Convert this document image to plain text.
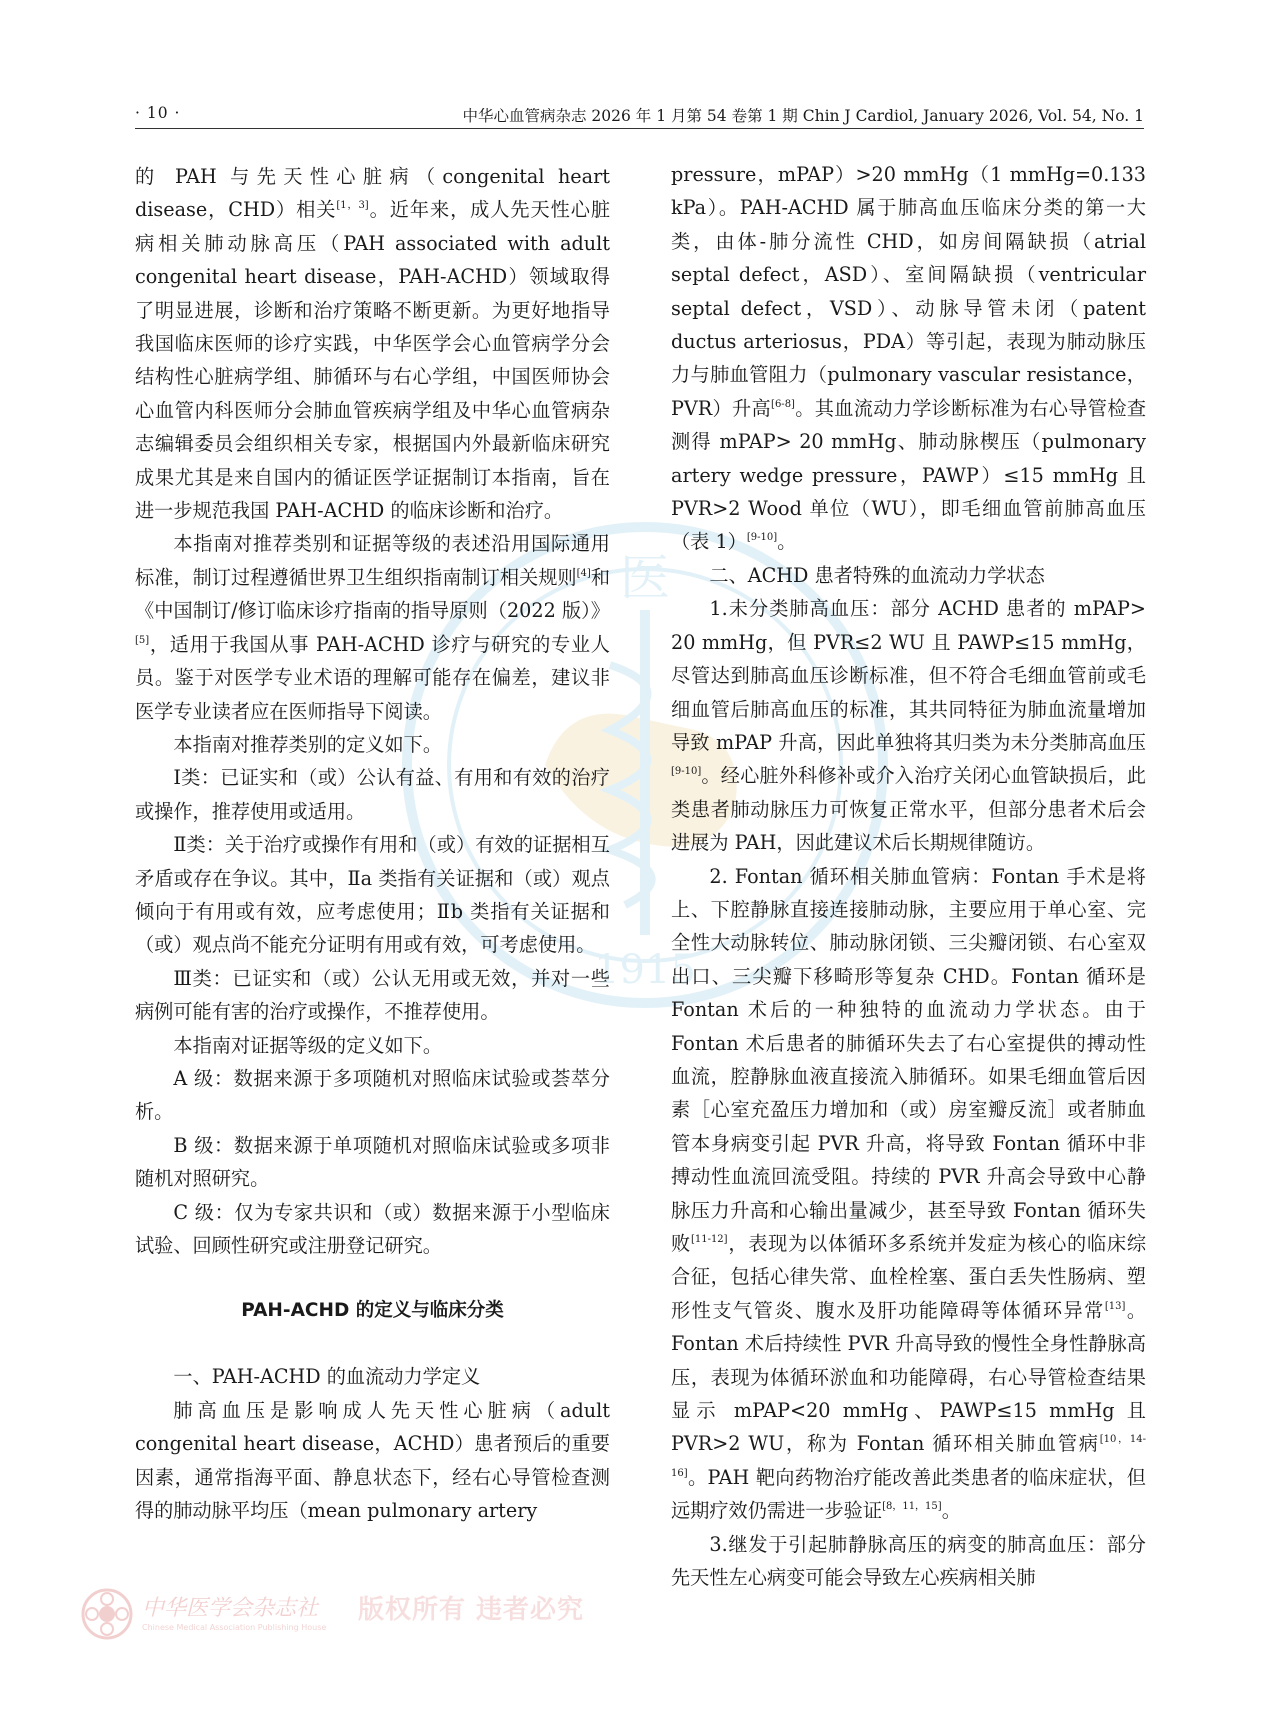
· 10 ·	中华心血管病杂志 2026 年 1 月第 54 卷第 1 期 Chin J Cardiol, January 2026, Vol. 54, No. 1
医
1915

的 PAH 与先天性心脏病（congenital heart disease，CHD）相关[1，3]。近年来，成人先天性心脏病相关肺动脉高压（PAH associated with adult congenital heart disease，PAH-ACHD）领域取得了明显进展，诊断和治疗策略不断更新。为更好地指导我国临床医师的诊疗实践，中华医学会心血管病学分会结构性心脏病学组、肺循环与右心学组，中国医师协会心血管内科医师分会肺血管疾病学组及中华心血管病杂志编辑委员会组织相关专家，根据国内外最新临床研究成果尤其是来自国内的循证医学证据制订本指南，旨在进一步规范我国 PAH-ACHD 的临床诊断和治疗。

本指南对推荐类别和证据等级的表述沿用国际通用标准，制订过程遵循世界卫生组织指南制订相关规则[4]和《中国制订/修订临床诊疗指南的指导原则（2022 版）》[5]，适用于我国从事 PAH-ACHD 诊疗与研究的专业人员。鉴于对医学专业术语的理解可能存在偏差，建议非医学专业读者应在医师指导下阅读。

本指南对推荐类别的定义如下。

Ⅰ类：已证实和（或）公认有益、有用和有效的治疗或操作，推荐使用或适用。

Ⅱ类：关于治疗或操作有用和（或）有效的证据相互矛盾或存在争议。其中，Ⅱa 类指有关证据和（或）观点倾向于有用或有效，应考虑使用；Ⅱb 类指有关证据和（或）观点尚不能充分证明有用或有效，可考虑使用。

Ⅲ类：已证实和（或）公认无用或无效，并对一些病例可能有害的治疗或操作，不推荐使用。

本指南对证据等级的定义如下。

A 级：数据来源于多项随机对照临床试验或荟萃分析。

B 级：数据来源于单项随机对照临床试验或多项非随机对照研究。

C 级：仅为专家共识和（或）数据来源于小型临床试验、回顾性研究或注册登记研究。

PAH-ACHD 的定义与临床分类

一、PAH-ACHD 的血流动力学定义

肺高血压是影响成人先天性心脏病（adult congenital heart disease，ACHD）患者预后的重要因素，通常指海平面、静息状态下，经右心导管检查测得的肺动脉平均压（mean pulmonary artery

pressure，mPAP）>20 mmHg（1 mmHg=0.133 kPa）。PAH-ACHD 属于肺高血压临床分类的第一大类，由体-肺分流性 CHD，如房间隔缺损（atrial septal defect，ASD）、室间隔缺损（ventricular septal defect，VSD）、动脉导管未闭（patent ductus arteriosus，PDA）等引起，表现为肺动脉压力与肺血管阻力（pulmonary vascular resistance，PVR）升高[6-8]。其血流动力学诊断标准为右心导管检查测得 mPAP> 20 mmHg、肺动脉楔压（pulmonary artery wedge pressure，PAWP）≤15 mmHg 且 PVR>2 Wood 单位（WU），即毛细血管前肺高血压（表 1）[9-10]。

二、ACHD 患者特殊的血流动力学状态

1.未分类肺高血压：部分 ACHD 患者的 mPAP> 20 mmHg，但 PVR≤2 WU 且 PAWP≤15 mmHg，尽管达到肺高血压诊断标准，但不符合毛细血管前或毛细血管后肺高血压的标准，其共同特征为肺血流量增加导致 mPAP 升高，因此单独将其归类为未分类肺高血压[9-10]。经心脏外科修补或介入治疗关闭心血管缺损后，此类患者肺动脉压力可恢复正常水平，但部分患者术后会进展为 PAH，因此建议术后长期规律随访。

2. Fontan 循环相关肺血管病：Fontan 手术是将上、下腔静脉直接连接肺动脉，主要应用于单心室、完全性大动脉转位、肺动脉闭锁、三尖瓣闭锁、右心室双出口、三尖瓣下移畸形等复杂 CHD。Fontan 循环是 Fontan 术后的一种独特的血流动力学状态。由于 Fontan 术后患者的肺循环失去了右心室提供的搏动性血流，腔静脉血液直接流入肺循环。如果毛细血管后因素［心室充盈压力增加和（或）房室瓣反流］或者肺血管本身病变引起 PVR 升高，将导致 Fontan 循环中非搏动性血流回流受阻。持续的 PVR 升高会导致中心静脉压力升高和心输出量减少，甚至导致 Fontan 循环失败[11-12]，表现为以体循环多系统并发症为核心的临床综合征，包括心律失常、血栓栓塞、蛋白丢失性肠病、塑形性支气管炎、腹水及肝功能障碍等体循环异常[13]。Fontan 术后持续性 PVR 升高导致的慢性全身性静脉高压，表现为体循环淤血和功能障碍，右心导管检查结果显示 mPAP<20 mmHg、PAWP≤15 mmHg 且 PVR>2 WU，称为 Fontan 循环相关肺血管病[10，14-16]。PAH 靶向药物治疗能改善此类患者的临床症状，但远期疗效仍需进一步验证[8，11，15]。

3.继发于引起肺静脉高压的病变的肺高血压：部分先天性左心病变可能会导致左心疾病相关肺

中华医学会杂志社
Chinese Medical Association Publishing House
版权所有 违者必究
